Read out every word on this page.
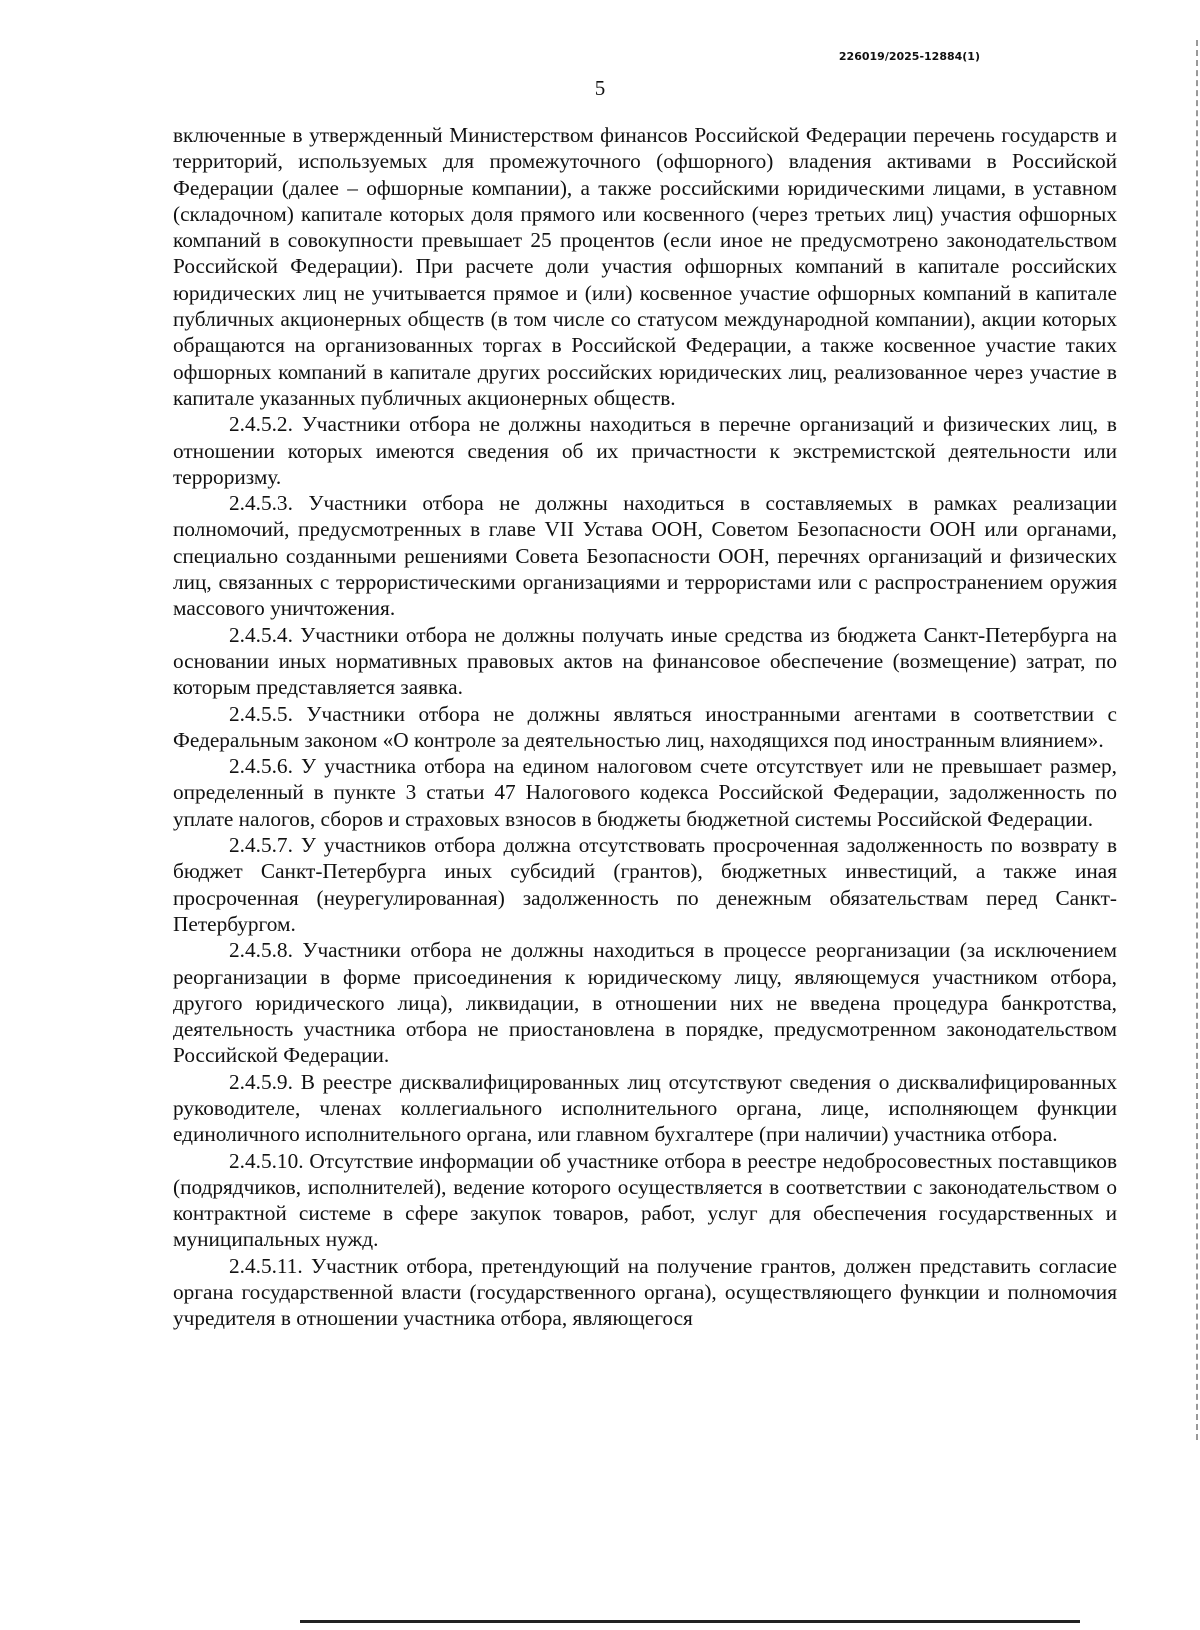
226019/2025-12884(1)
5

включенные в утвержденный Министерством финансов Российской Федерации перечень государств и территорий, используемых для промежуточного (офшорного) владения активами в Российской Федерации (далее – офшорные компании), а также российскими юридическими лицами, в уставном (складочном) капитале которых доля прямого или косвенного (через третьих лиц) участия офшорных компаний в совокупности превышает 25 процентов (если иное не предусмотрено законодательством Российской Федерации). При расчете доли участия офшорных компаний в капитале российских юридических лиц не учитывается прямое и (или) косвенное участие офшорных компаний в капитале публичных акционерных обществ (в том числе со статусом международной компании), акции которых обращаются на организованных торгах в Российской Федерации, а также косвенное участие таких офшорных компаний в капитале других российских юридических лиц, реализованное через участие в капитале указанных публичных акционерных обществ.

2.4.5.2. Участники отбора не должны находиться в перечне организаций и физических лиц, в отношении которых имеются сведения об их причастности к экстремистской деятельности или терроризму.

2.4.5.3. Участники отбора не должны находиться в составляемых в рамках реализации полномочий, предусмотренных в главе VII Устава ООН, Советом Безопасности ООН или органами, специально созданными решениями Совета Безопасности ООН, перечнях организаций и физических лиц, связанных с террористическими организациями и террористами или с распространением оружия массового уничтожения.

2.4.5.4. Участники отбора не должны получать иные средства из бюджета Санкт-Петербурга на основании иных нормативных правовых актов на финансовое обеспечение (возмещение) затрат, по которым представляется заявка.

2.4.5.5. Участники отбора не должны являться иностранными агентами в соответствии с Федеральным законом «О контроле за деятельностью лиц, находящихся под иностранным влиянием».

2.4.5.6. У участника отбора на едином налоговом счете отсутствует или не превышает размер, определенный в пункте 3 статьи 47 Налогового кодекса Российской Федерации, задолженность по уплате налогов, сборов и страховых взносов в бюджеты бюджетной системы Российской Федерации.

2.4.5.7. У участников отбора должна отсутствовать просроченная задолженность по возврату в бюджет Санкт-Петербурга иных субсидий (грантов), бюджетных инвестиций, а также иная просроченная (неурегулированная) задолженность по денежным обязательствам перед Санкт-Петербургом.

2.4.5.8. Участники отбора не должны находиться в процессе реорганизации (за исключением реорганизации в форме присоединения к юридическому лицу, являющемуся участником отбора, другого юридического лица), ликвидации, в отношении них не введена процедура банкротства, деятельность участника отбора не приостановлена в порядке, предусмотренном законодательством Российской Федерации.

2.4.5.9. В реестре дисквалифицированных лиц отсутствуют сведения о дисквалифицированных руководителе, членах коллегиального исполнительного органа, лице, исполняющем функции единоличного исполнительного органа, или главном бухгалтере (при наличии) участника отбора.

2.4.5.10. Отсутствие информации об участнике отбора в реестре недобросовестных поставщиков (подрядчиков, исполнителей), ведение которого осуществляется в соответствии с законодательством о контрактной системе в сфере закупок товаров, работ, услуг для обеспечения государственных и муниципальных нужд.

2.4.5.11. Участник отбора, претендующий на получение грантов, должен представить согласие органа государственной власти (государственного органа), осуществляющего функции и полномочия учредителя в отношении участника отбора, являющегося
